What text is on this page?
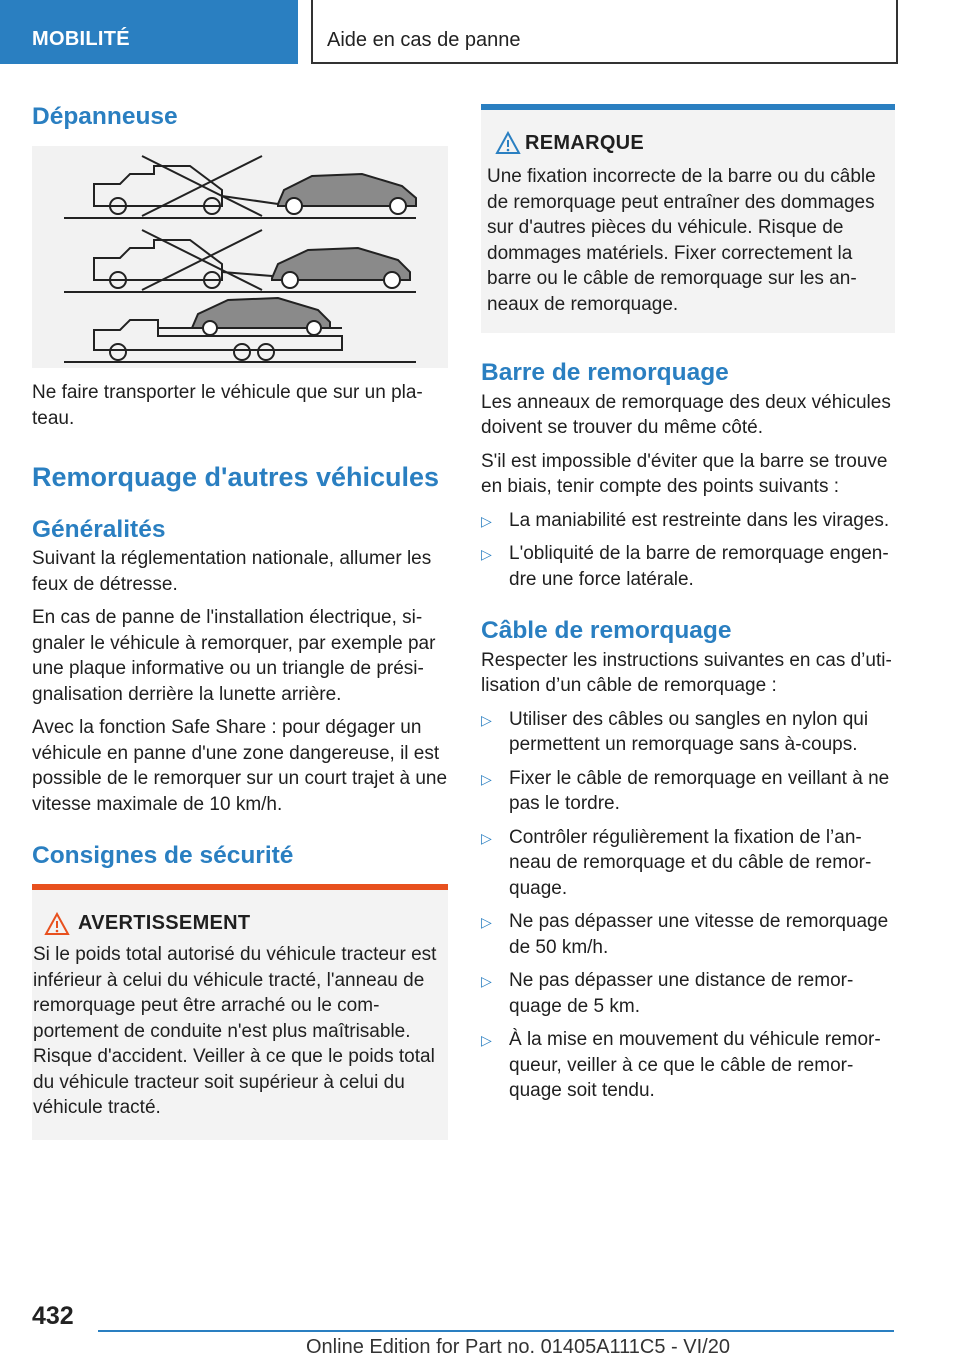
MOBILITÉ	Aide en cas de panne
Dépanneuse

Ne faire transporter le véhicule que sur un pla-teau.

Remorquage d'autres véhicules
Généralités

Suivant la réglementation nationale, allumer les feux de détresse.

En cas de panne de l'installation électrique, si-gnaler le véhicule à remorquer, par exemple par une plaque informative ou un triangle de prési-gnalisation derrière la lunette arrière.

Avec la fonction Safe Share : pour dégager un véhicule en panne d'une zone dangereuse, il est possible de le remorquer sur un court trajet à une vitesse maximale de 10 km/h.

Consignes de sécurité
AVERTISSEMENT
Si le poids total autorisé du véhicule tracteur est inférieur à celui du véhicule tracté, l'anneau de remorquage peut être arraché ou le com-portement de conduite n'est plus maîtrisable. Risque d'accident. Veiller à ce que le poids total du véhicule tracteur soit supérieur à celui du véhicule tracté.
REMARQUE
Une fixation incorrecte de la barre ou du câble de remorquage peut entraîner des dommages sur d'autres pièces du véhicule. Risque de dommages matériels. Fixer correctement la barre ou le câble de remorquage sur les an-neaux de remorquage.
Barre de remorquage

Les anneaux de remorquage des deux véhicules doivent se trouver du même côté.

S'il est impossible d'éviter que la barre se trouve en biais, tenir compte des points suivants :

▷ La maniabilité est restreinte dans les virages.
▷ L'obliquité de la barre de remorquage engen-dre une force latérale.
Câble de remorquage

Respecter les instructions suivantes en cas d’uti-lisation d’un câble de remorquage :

▷ Utiliser des câbles ou sangles en nylon qui permettent un remorquage sans à-coups.
▷ Fixer le câble de remorquage en veillant à ne pas le tordre.
▷ Contrôler régulièrement la fixation de l’an-neau de remorquage et du câble de remor-quage.
▷ Ne pas dépasser une vitesse de remorquage de 50 km/h.
▷ Ne pas dépasser une distance de remor-quage de 5 km.
▷ À la mise en mouvement du véhicule remor-queur, veiller à ce que le câble de remor-quage soit tendu.
432
Online Edition for Part no. 01405A111C5 - VI/20
